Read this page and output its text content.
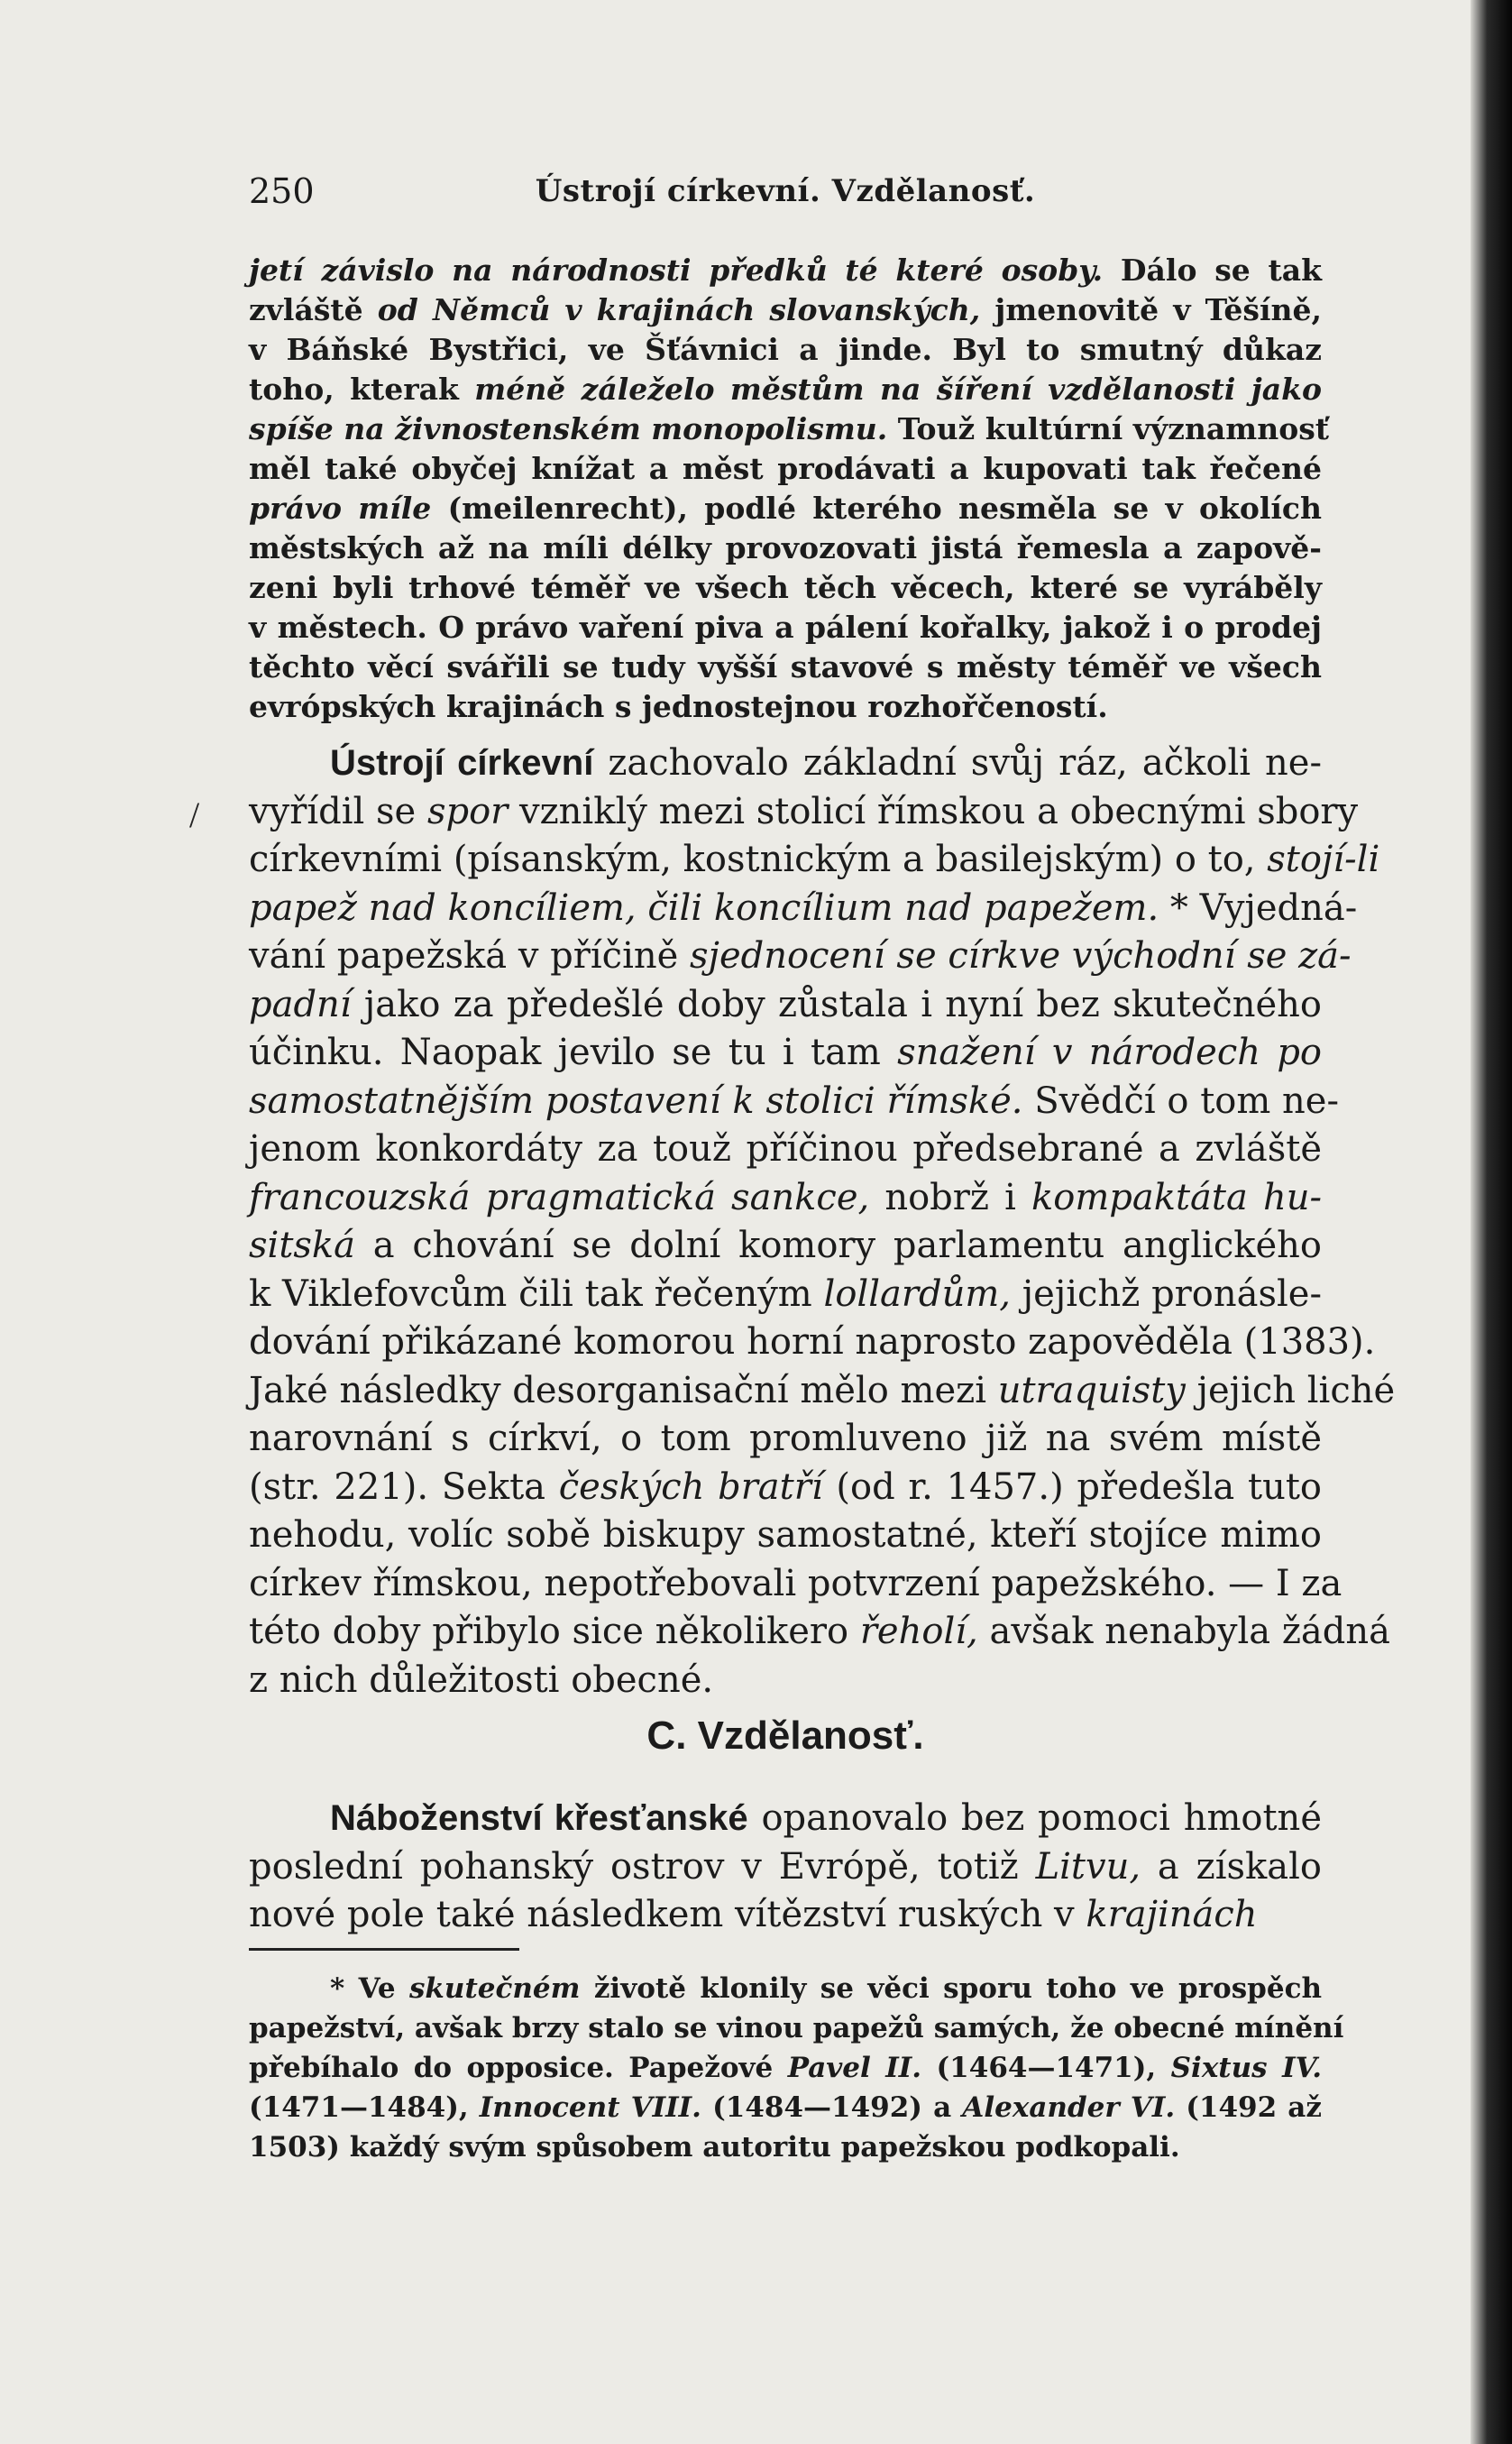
/
250	Ústrojí církevní. Vzdělanosť.
jetí závislo na národnosti předků té které osoby. Dálo se tak
zvláště od Němců v krajinách slovanských, jmenovitě v Těšíně,
v Báňské Bystřici, ve Šťávnici a jinde. Byl to smutný důkaz
toho, kterak méně záleželo městům na šíření vzdělanosti jako
spíše na živnostenském monopolismu. Touž kultúrní významnosť
měl také obyčej knížat a měst prodávati a kupovati tak řečené
právo míle (meilenrecht), podlé kterého nesměla se v okolích
městských až na míli délky provozovati jistá řemesla a zapově-
zeni byli trhové téměř ve všech těch věcech, které se vyráběly
v městech. O právo vaření piva a pálení kořalky, jakož i o prodej
těchto věcí svářili se tudy vyšší stavové s městy téměř ve všech
evrópských krajinách s jednostejnou rozhořčeností.
Ústrojí církevní zachovalo základní svůj ráz, ačkoli ne-
vyřídil se spor vzniklý mezi stolicí římskou a obecnými sbory
církevními (písanským, kostnickým a basilejským) o to, stojí-li
papež nad koncíliem, čili koncílium nad papežem. * Vyjedná-
vání papežská v příčině sjednocení se církve východní se zá-
padní jako za předešlé doby zůstala i nyní bez skutečného
účinku. Naopak jevilo se tu i tam snažení v národech po
samostatnějším postavení k stolici římské. Svědčí o tom ne-
jenom konkordáty za touž příčinou předsebrané a zvláště
francouzská pragmatická sankce, nobrž i kompaktáta hu-
sitská a chování se dolní komory parlamentu anglického
k Viklefovcům čili tak řečeným lollardům, jejichž pronásle-
dování přikázané komorou horní naprosto zapověděla (1383).
Jaké následky desorganisační mělo mezi utraquisty jejich liché
narovnání s církví, o tom promluveno již na svém místě
(str. 221). Sekta českých bratří (od r. 1457.) předešla tuto
nehodu, volíc sobě biskupy samostatné, kteří stojíce mimo
církev římskou, nepotřebovali potvrzení papežského. — I za
této doby přibylo sice několikero řeholí, avšak nenabyla žádná
z nich důležitosti obecné.
C. Vzdělanosť.
Náboženství křesťanské opanovalo bez pomoci hmotné
poslední pohanský ostrov v Evrópě, totiž Litvu, a získalo
nové pole také následkem vítězství ruských v krajinách
* Ve skutečném životě klonily se věci sporu toho ve prospěch
papežství, avšak brzy stalo se vinou papežů samých, že obecné mínění
přebíhalo do opposice. Papežové Pavel II. (1464—1471), Sixtus IV.
(1471—1484), Innocent VIII. (1484—1492) a Alexander VI. (1492 až
1503) každý svým spůsobem autoritu papežskou podkopali.
